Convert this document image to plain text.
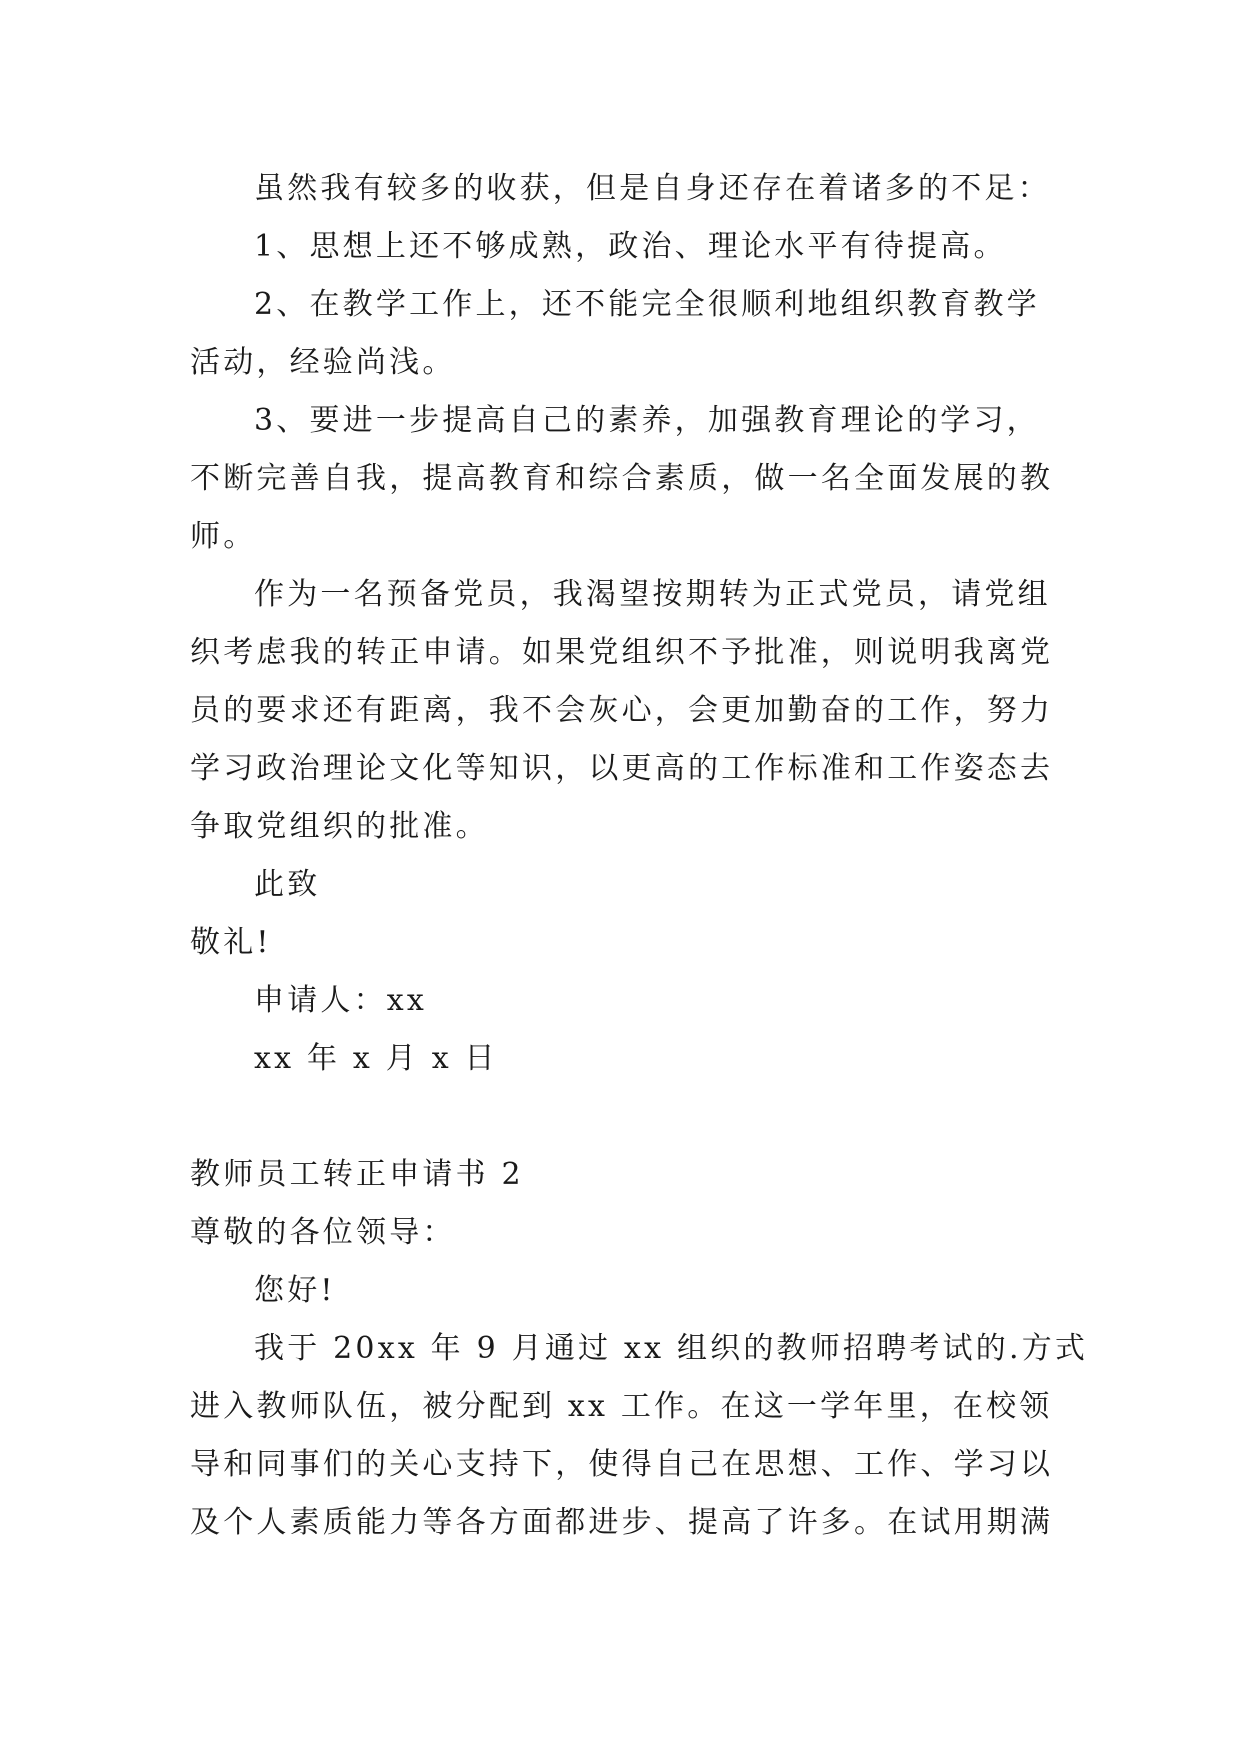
虽然我有较多的收获，但是自身还存在着诸多的不足：
1、思想上还不够成熟，政治、理论水平有待提高。
2、在教学工作上，还不能完全很顺利地组织教育教学
活动，经验尚浅。
3、要进一步提高自己的素养，加强教育理论的学习，
不断完善自我，提高教育和综合素质，做一名全面发展的教
师。
作为一名预备党员，我渴望按期转为正式党员，请党组
织考虑我的转正申请。如果党组织不予批准，则说明我离党
员的要求还有距离，我不会灰心，会更加勤奋的工作，努力
学习政治理论文化等知识，以更高的工作标准和工作姿态去
争取党组织的批准。
此致
敬礼!
申请人：xx
xx 年 x 月 x 日
教师员工转正申请书 2
尊敬的各位领导：
您好!
我于 20xx 年 9 月通过 xx 组织的教师招聘考试的.方式
进入教师队伍，被分配到 xx 工作。在这一学年里，在校领
导和同事们的关心支持下，使得自己在思想、工作、学习以
及个人素质能力等各方面都进步、提高了许多。在试用期满
